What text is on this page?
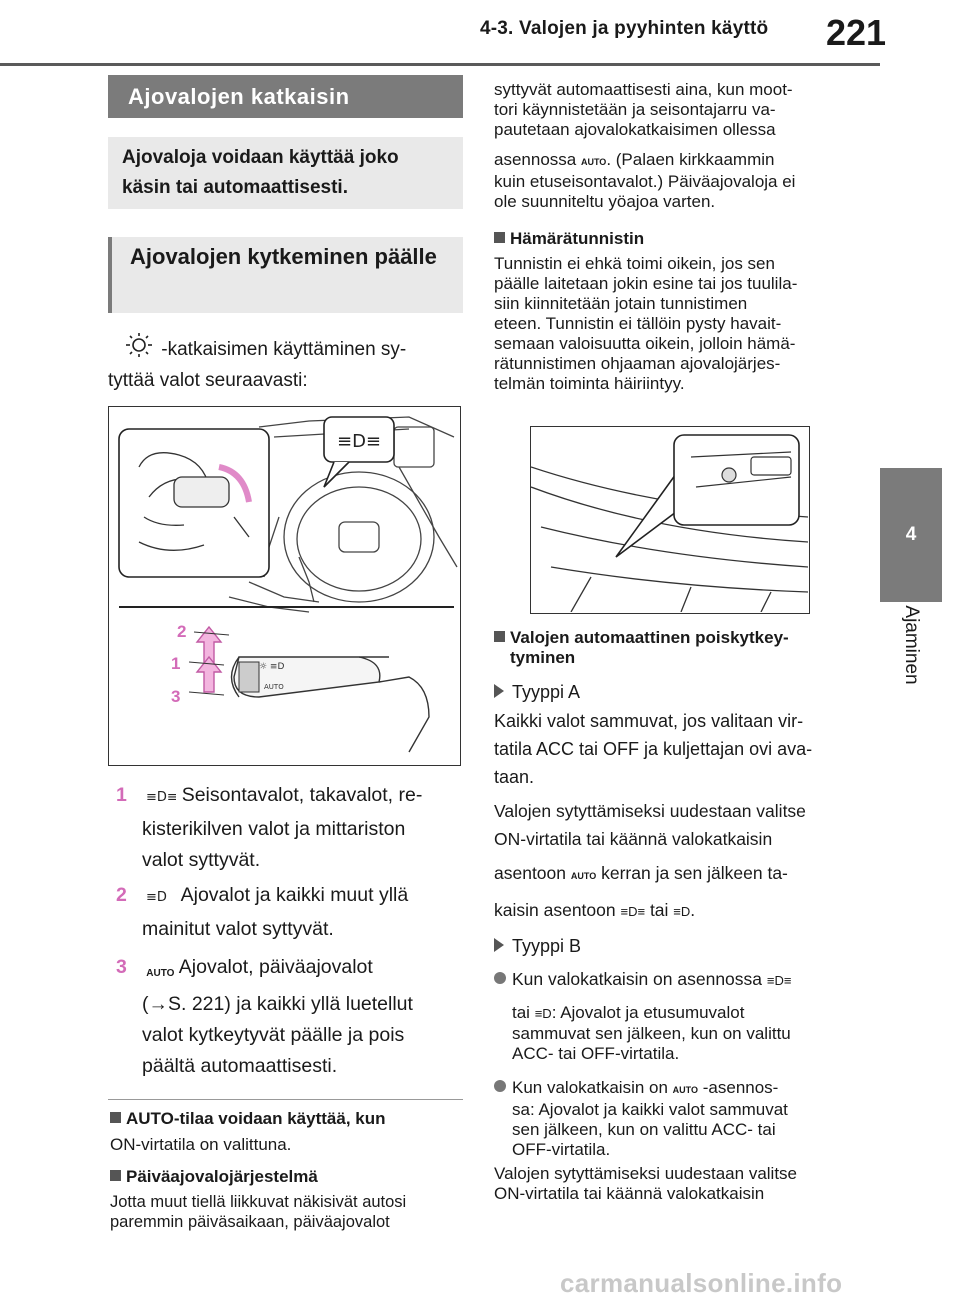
4-3. Valojen ja pyyhinten käyttö 221
4
Ajaminen
Ajovalojen katkaisin
Ajovaloja voidaan käyttää joko käsin tai automaattisesti.
Ajovalojen kytkeminen päälle
-katkaisimen käyttäminen sy-
tyttää valot seuraavasti:
≡D≡
☼ ≡D
AUTO
2
1
3
1 ≡D≡ Seisontavalot, takavalot, re-
kisterikilven valot ja mittariston
valot syttyvät.
2 ≡D Ajovalot ja kaikki muut yllä
mainitut valot syttyvät.
3 AUTO Ajovalot, päiväajovalot
(→S. 221) ja kaikki yllä luetellut
valot kytkeytyvät päälle ja pois
päältä automaattisesti.
AUTO-tilaa voidaan käyttää, kun
ON-virtatila on valittuna.
Päiväajovalojärjestelmä
Jotta muut tiellä liikkuvat näkisivät autosi
paremmin päiväsaikaan, päiväajovalot
syttyvät automaattisesti aina, kun moot-
tori käynnistetään ja seisontajarru va-
pautetaan ajovalokatkaisimen ollessa
asennossa AUTO. (Palaen kirkkaammin
kuin etuseisontavalot.) Päiväajovaloja ei
ole suunniteltu yöajoa varten.
Hämärätunnistin
Tunnistin ei ehkä toimi oikein, jos sen
päälle laitetaan jokin esine tai jos tuulila-
siin kiinnitetään jotain tunnistimen
eteen. Tunnistin ei tällöin pysty havait-
semaan valoisuutta oikein, jolloin hämä-
rätunnistimen ohjaaman ajovalojärjes-
telmän toiminta häiriintyy.
Valojen automaattinen poiskytkey-
tyminen
Tyyppi A
Kaikki valot sammuvat, jos valitaan vir-
tatila ACC tai OFF ja kuljettajan ovi ava-
taan.
Valojen sytyttämiseksi uudestaan valitse
ON-virtatila tai käännä valokatkaisin
asentoon AUTO kerran ja sen jälkeen ta-
kaisin asentoon ≡D≡ tai ≡D.
Tyyppi B
Kun valokatkaisin on asennossa ≡D≡
tai ≡D: Ajovalot ja etusumuvalot
sammuvat sen jälkeen, kun on valittu
ACC- tai OFF-virtatila.
Kun valokatkaisin on AUTO -asennos-
sa: Ajovalot ja kaikki valot sammuvat
sen jälkeen, kun on valittu ACC- tai
OFF-virtatila.
Valojen sytyttämiseksi uudestaan valitse
ON-virtatila tai käännä valokatkaisin
carmanualsonline.info
